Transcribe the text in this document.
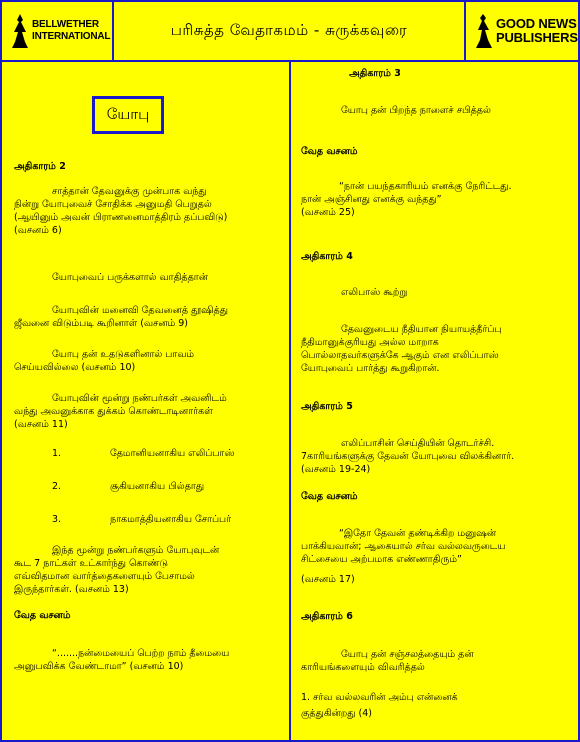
BELLWETHER
INTERNATIONAL	பரிசுத்த வேதாகமம் - சுருக்கவுரை	GOOD NEWS
PUBLISHERS
யோபு
அதிகாரம் 2
சாத்தான் தேவனுக்கு முன்பாக வந்து
நின்று யோபுவைச் சோதிக்க அனுமதி பெறுதல்
(ஆயினும் அவன் பிராணனைமாத்திரம் தப்பவிடு)
(வசனம் 6)
யோபுவைப் பருக்களால் வாதித்தான்
யோபுவின் மனைவி தேவனைத் தூஷித்து
ஜீவனை விடும்படி கூறினாள் (வசனம் 9)
யோபு தன் உதடுகளினால் பாவம்
செய்யவில்லை (வசனம் 10)
யோபுவின் மூன்று நண்பர்கள் அவனிடம்
வந்து அவனுக்காக துக்கம் கொண்டாடினார்கள்
(வசனம் 11)
1.	தேமானியனாகிய எலிப்பாஸ்
2.	சூகியனாகிய பில்தாது
3.	நாகமாத்தியனாகிய சோப்பர்
இந்த மூன்று நண்பர்களும் யோபுவுடன்
கூட 7 நாட்கள் உட்கார்ந்து கொண்டு
எவ்விதமான வார்த்தைகளையும் பேசாமல்
இருந்தார்கள். (வசனம் 13)
வேத வசனம்
“.......நன்மையைப் பெற்ற நாம் தீமையை
அனுபவிக்க வேண்டாமா” (வசனம் 10)
அதிகாரம் 3
யோபு தன் பிறந்த நாளைச் சபித்தல்
வேத வசனம்
“நான் பயந்தகாரியம் எனக்கு நேரிட்டது.
நான் அஞ்சினது எனக்கு வந்தது”
(வசனம் 25)
அதிகாரம் 4
எலிபாஸ் கூற்று
தேவனுடைய நீதியான நியாயத்தீர்ப்பு
நீதிமானுக்குரியது அல்ல மாறாக
பொல்லாதவர்களுக்கே ஆகும் என எலிப்பாஸ்
யோபுவைப் பார்த்து கூறுகிறான்.
அதிகாரம் 5
எலிப்பாசின் செய்தியின் தொடர்ச்சி.
7காரியங்களுக்கு தேவன் யோபுவை விலக்கினார்.
(வசனம் 19-24)
வேத வசனம்
“இதோ தேவன் தண்டிக்கிற மனுஷன்
பாக்கியவான்; ஆகையால் சர்வ வல்லவருடைய
சிட்சையை அற்பமாக எண்ணாதிரும்”
(வசனம் 17)
அதிகாரம் 6
யோபு தன் சஞ்சலத்தையும் தன்
காரியங்களையும் விவரித்தல்
1. சர்வ வல்லவரின் அம்பு என்னைக்
குத்துகின்றது (4)
